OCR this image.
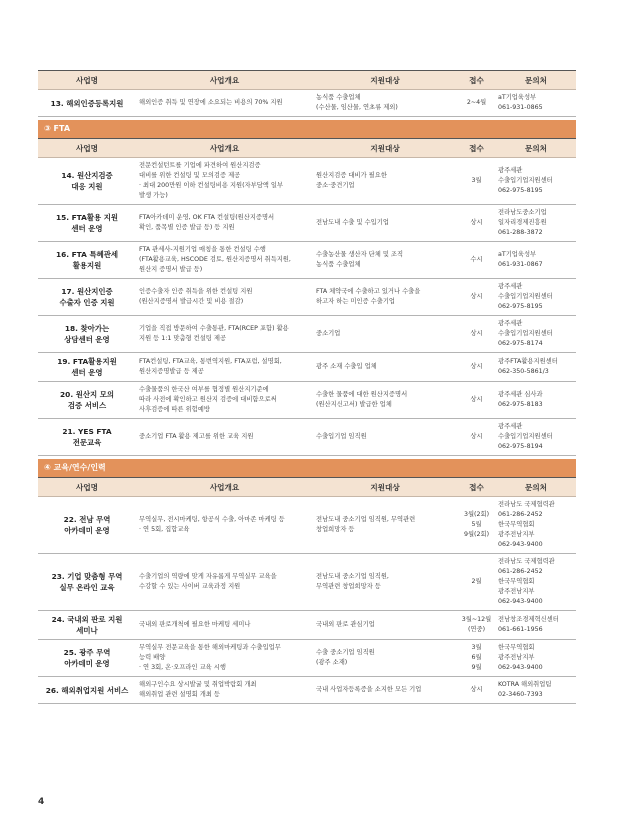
사업명	사업개요	지원대상	접수	문의처

13. 해외인증등록지원	해외인증 취득 및 연장에 소요되는 비용의 70% 지원	농식품 수출업체
(수산물, 임산물, 연초류 제외)	2~4월	aT기업육성부
061-931-0865

③ FTA				
사업명	사업개요	지원대상	접수	문의처

14. 원산지검증
대응 지원	전문컨설턴트를 기업에 파견하여 원산지검증
대비를 위한 컨설팅 및 모의검증 제공
· 최대 200만원 이하 컨설팅비용 지원(자부담액 일부
발생 가능)	원산지검증 대비가 필요한
중소·중견기업	3월	광주세관
수출입기업지원센터
062-975-8195

15. FTA활용 지원
센터 운영	FTA아카데미 운영, OK FTA 컨설팅(원산지증명서
확인, 품목별 인증 발급 등) 등 지원	전남도내 수출 및 수입기업	상시	전라남도중소기업
일자리경제진흥원
061-288-3872

16. FTA 특혜관세
활용지원	FTA 관세사-지원기업 매칭을 통한 컨설팅 수행
(FTA활용교육, HSCODE 검토, 원산지증명서 취득지원,
원산지 증명서 발급 등)	수출농산물 생산자 단체 및 조직
농식품 수출업체	수시	aT기업육성부
061-931-0867

17. 원산지인증
수출자 인증 지원	인증수출자 인증 취득을 위한 컨설팅 지원
(원산지증명서 발급시간 및 비용 절감)	FTA 체약국에 수출하고 있거나 수출을
하고자 하는 미인증 수출기업	상시	광주세관
수출입기업지원센터
062-975-8195

18. 찾아가는
상담센터 운영	기업을 직접 방문하여 수출통관, FTA(RCEP 포함) 활용
지원 등 1:1 맞춤형 컨설팅 제공	중소기업	상시	광주세관
수출입기업지원센터
062-975-8174

19. FTA활용지원
센터 운영	FTA컨설팅, FTA교육, 통번역지원, FTA포럼, 설명회,
원산지증명발급 등 제공	광주 소재 수출입 업체	상시	광주FTA활용지원센터
062-350-5861/3

20. 원산지 모의
검증 서비스	수출물품의 한국산 여부를 협정별 원산지기준에
따라 사전에 확인하고 원산지 검증에 대비함으로써
사후검증에 따른 위험예방	수출한 물품에 대한 원산지증명서
(원산지신고서) 발급한 업체	상시	광주세관 심사과
062-975-8183

21. YES FTA
전문교육	중소기업 FTA 활용 제고를 위한 교육 지원	수출입기업 임직원	상시	광주세관
수출입기업지원센터
062-975-8194

④ 교육/연수/인력				
사업명	사업개요	지원대상	접수	문의처

22. 전남 무역
아카데미 운영	무역실무, 전시마케팅, 항공식 수출, 아마존 마케팅 등
· 연 5회, 집합교육	전남도내 중소기업 임직원, 무역관련
창업희망자 등	3월(2회)
5월
9월(2회)	전라남도 국제협력관
061-286-2452
한국무역협회
광주전남지부
062-943-9400

23. 기업 맞춤형 무역
실무 온라인 교육	수출기업의 역량에 맞게 자유롭게 무역실무 교육을
수강할 수 있는 사이버 교육과정 지원	전남도내 중소기업 임직원,
무역관련 창업희망자 등	2월	전라남도 국제협력관
061-286-2452
한국무역협회
광주전남지부
062-943-9400

24. 국내외 판로 지원
세미나	국내외 판로개척에 필요한 마케팅 세미나	국내외 판로 관심기업	3월~12월
(연중)	전남창조경제혁신센터
061-661-1956

25. 광주 무역
아카데미 운영	무역실무 전문교육을 통한 해외마케팅과 수출입업무
능력 배양
· 연 3회, 온·오프라인 교육 시행	수출 중소기업 임직원
(광주 소재)	3월
6월
9월	한국무역협회
광주전남지부
062-943-9400

26. 해외취업지원 서비스	해외구인수요 상시발굴 및 취업박람회 개최
해외취업 관련 설명회 개최 등	국내 사업자등록증을 소지한 모든 기업	상시	KOTRA 해외취업팀
02-3460-7393
4
